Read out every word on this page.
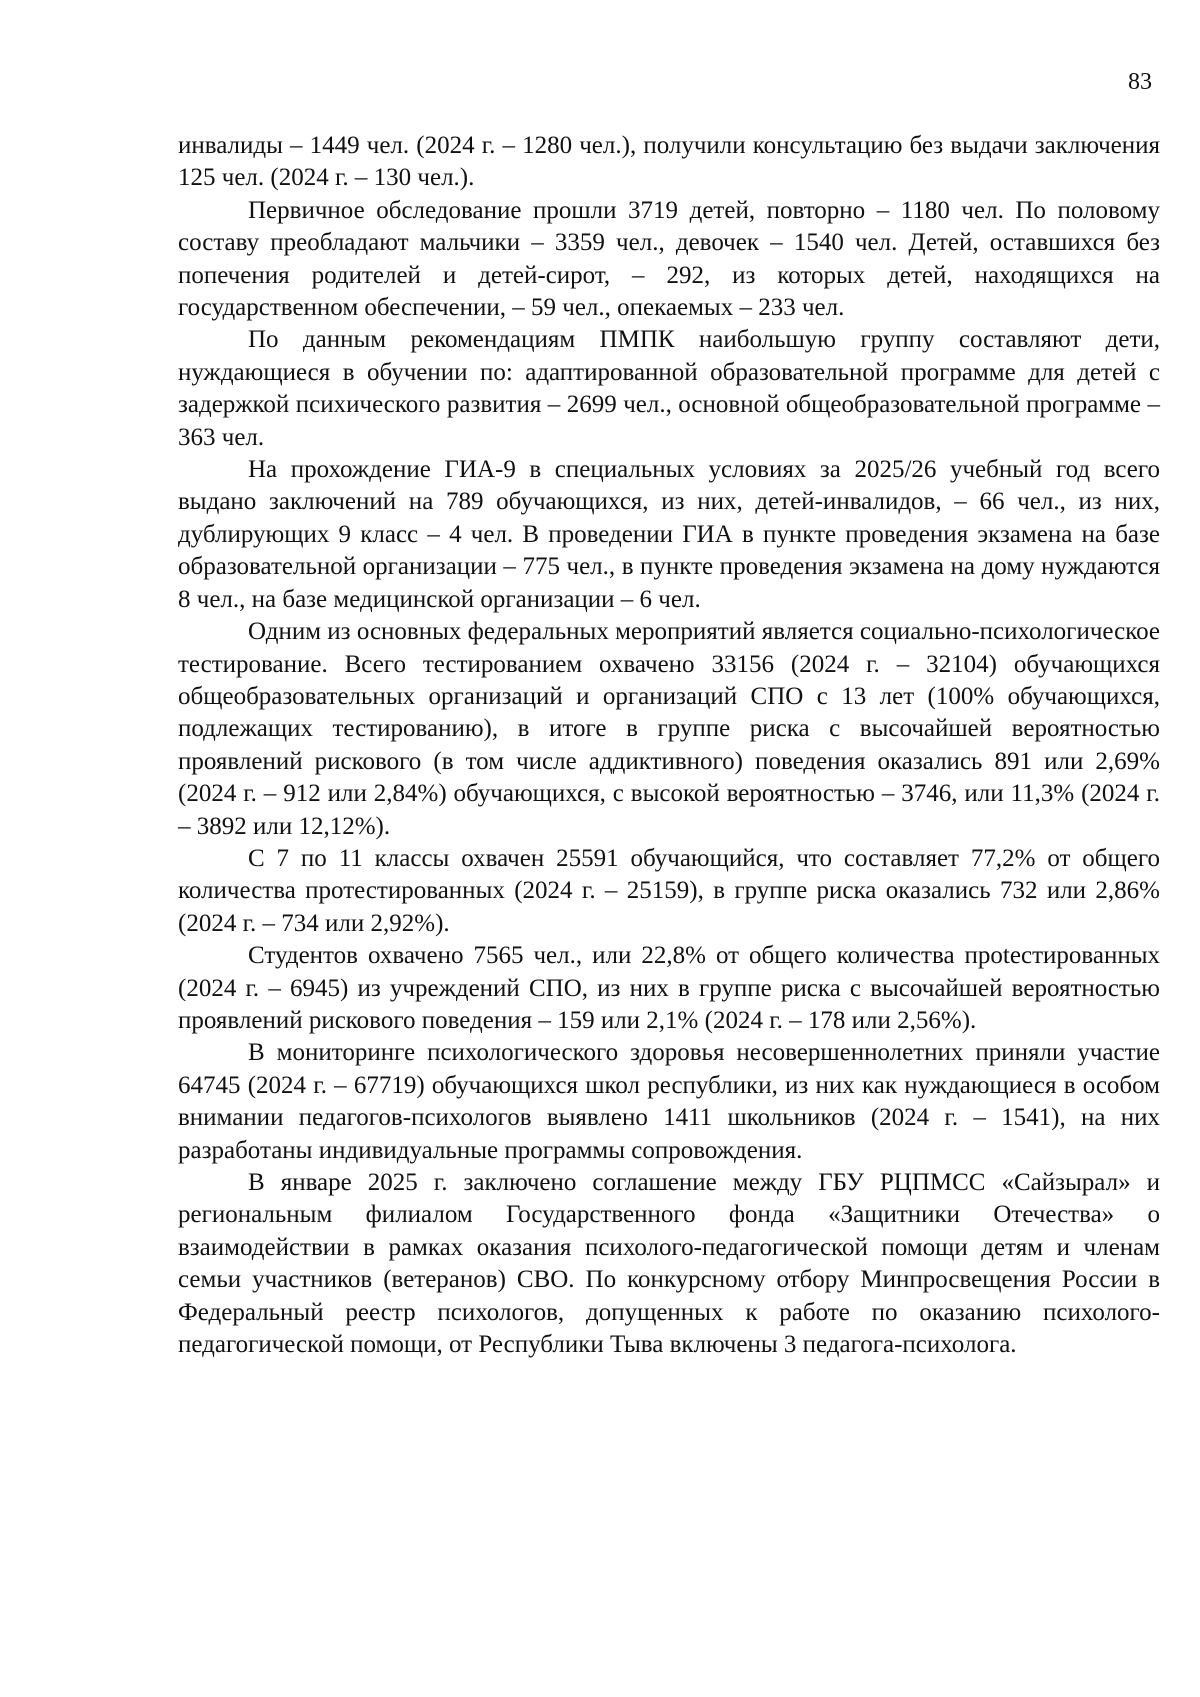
83

инвалиды – 1449 чел. (2024 г. – 1280 чел.), получили консультацию без выдачи заключения 125 чел. (2024 г. – 130 чел.).

Первичное обследование прошли 3719 детей, повторно – 1180 чел. По половому составу преобладают мальчики – 3359 чел., девочек – 1540 чел. Детей, оставшихся без попечения родителей и детей-сирот, – 292, из которых детей, находящихся на государственном обеспечении, – 59 чел., опекаемых – 233 чел.

По данным рекомендациям ПМПК наибольшую группу составляют дети, нуждающиеся в обучении по: адаптированной образовательной программе для детей с задержкой психического развития – 2699 чел., основной общеобразовательной программе – 363 чел.

На прохождение ГИА-9 в специальных условиях за 2025/26 учебный год всего выдано заключений на 789 обучающихся, из них, детей-инвалидов, – 66 чел., из них, дублирующих 9 класс – 4 чел. В проведении ГИА в пункте проведения экзамена на базе образовательной организации – 775 чел., в пункте проведения экзамена на дому нуждаются 8 чел., на базе медицинской организации – 6 чел.

Одним из основных федеральных мероприятий является социально-психологическое тестирование. Всего тестированием охвачено 33156 (2024 г. – 32104) обучающихся общеобразовательных организаций и организаций СПО с 13 лет (100% обучающихся, подлежащих тестированию), в итоге в группе риска с высочайшей вероятностью проявлений рискового (в том числе аддиктивного) поведения оказались 891 или 2,69% (2024 г. – 912 или 2,84%) обучающихся, с высокой вероятностью – 3746, или 11,3% (2024 г. – 3892 или 12,12%).

С 7 по 11 классы охвачен 25591 обучающийся, что составляет 77,2% от общего количества протестированных (2024 г. – 25159), в группе риска оказались 732 или 2,86% (2024 г. – 734 или 2,92%).

Студентов охвачено 7565 чел., или 22,8% от общего количества прoteстированных (2024 г. – 6945) из учреждений СПО, из них в группе риска с высочайшей вероятностью проявлений рискового поведения – 159 или 2,1% (2024 г. – 178 или 2,56%).

В мониторинге психологического здоровья несовершеннолетних приняли участие 64745 (2024 г. – 67719) обучающихся школ республики, из них как нуждающиеся в особом внимании педагогов-психологов выявлено 1411 школьников (2024 г. – 1541), на них разработаны индивидуальные программы сопровождения.

В январе 2025 г. заключено соглашение между ГБУ РЦПМСС «Сайзырал» и региональным филиалом Государственного фонда «Защитники Отечества» о взаимодействии в рамках оказания психолого-педагогической помощи детям и членам семьи участников (ветеранов) СВО. По конкурсному отбору Минпросвещения России в Федеральный реестр психологов, допущенных к работе по оказанию психолого-педагогической помощи, от Республики Тыва включены 3 педагога-психолога.
